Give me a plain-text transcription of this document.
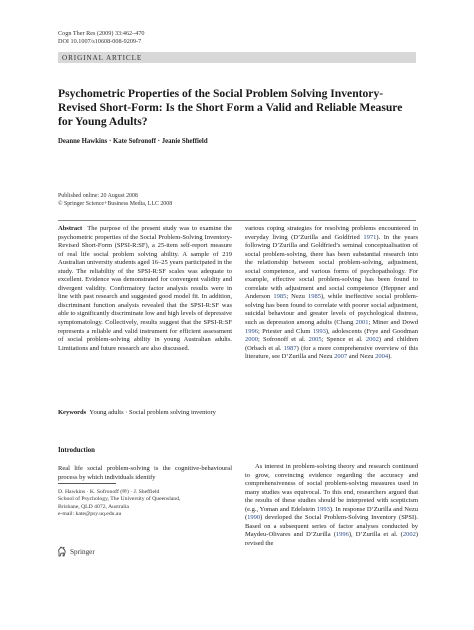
Cogn Ther Res (2009) 33:462–470
DOI 10.1007/s10608-008-9209-7
ORIGINAL ARTICLE
Psychometric Properties of the Social Problem Solving Inventory-Revised Short-Form: Is the Short Form a Valid and Reliable Measure for Young Adults?
Deanne Hawkins · Kate Sofronoff · Jeanie Sheffield
Published online: 20 August 2008
© Springer Science+Business Media, LLC 2008
Abstract The purpose of the present study was to examine the psychometric properties of the Social Problem-Solving Inventory-Revised Short-Form (SPSI-R:SF), a 25-item self-report measure of real life social problem solving ability. A sample of 219 Australian university students aged 16–25 years participated in the study. The reliability of the SPSI-R:SF scales was adequate to excellent. Evidence was demonstrated for convergent validity and divergent validity. Confirmatory factor analysis results were in line with past research and suggested good model fit. In addition, discriminant function analysis revealed that the SPSI-R:SF was able to significantly discriminate low and high levels of depressive symptomatology. Collectively, results suggest that the SPSI-R:SF represents a reliable and valid instrument for efficient assessment of social problem-solving ability in young Australian adults. Limitations and future research are also discussed.
Keywords Young adults · Social problem solving inventory
Introduction
Real life social problem-solving is the cognitive-behavioural process by which individuals identify
D. Hawkins · K. Sofronoff (✉) · J. Sheffield
School of Psychology, The University of Queensland,
Brisbane, QLD 4072, Australia
e-mail: kate@psy.uq.edu.au
Springer
various coping strategies for resolving problems encountered in everyday living (D’Zurilla and Goldfried 1971). In the years following D’Zurilla and Goldfried’s seminal conceptualisation of social problem-solving, there has been substantial research into the relationship between social problem-solving, adjustment, social competence, and various forms of psychopathology. For example, effective social problem-solving has been found to correlate with adjustment and social competence (Heppner and Anderson 1985; Nezu 1985), while ineffective social problem-solving has been found to correlate with poorer social adjustment, suicidal behaviour and greater levels of psychological distress, such as depression among adults (Chang 2001; Miner and Dowd 1996; Priester and Clum 1993), adolescents (Frye and Goodman 2000; Sofronoff et al. 2005; Spence et al. 2002) and children (Orbach et al. 1987) (for a more comprehensive overview of this literature, see D’Zurilla and Nezu 2007 and Nezu 2004).
As interest in problem-solving theory and research continued to grow, convincing evidence regarding the accuracy and comprehensiveness of social problem-solving measures used in many studies was equivocal. To this end, researchers argued that the results of these studies should be interpreted with scepticism (e.g., Yoman and Edelstein 1993). In response D’Zurilla and Nezu (1990) developed the Social Problem-Solving Inventory (SPSI). Based on a subsequent series of factor analyses conducted by Maydeu-Olivares and D’Zurilla (1996), D’Zurilla et al. (2002) revised the
